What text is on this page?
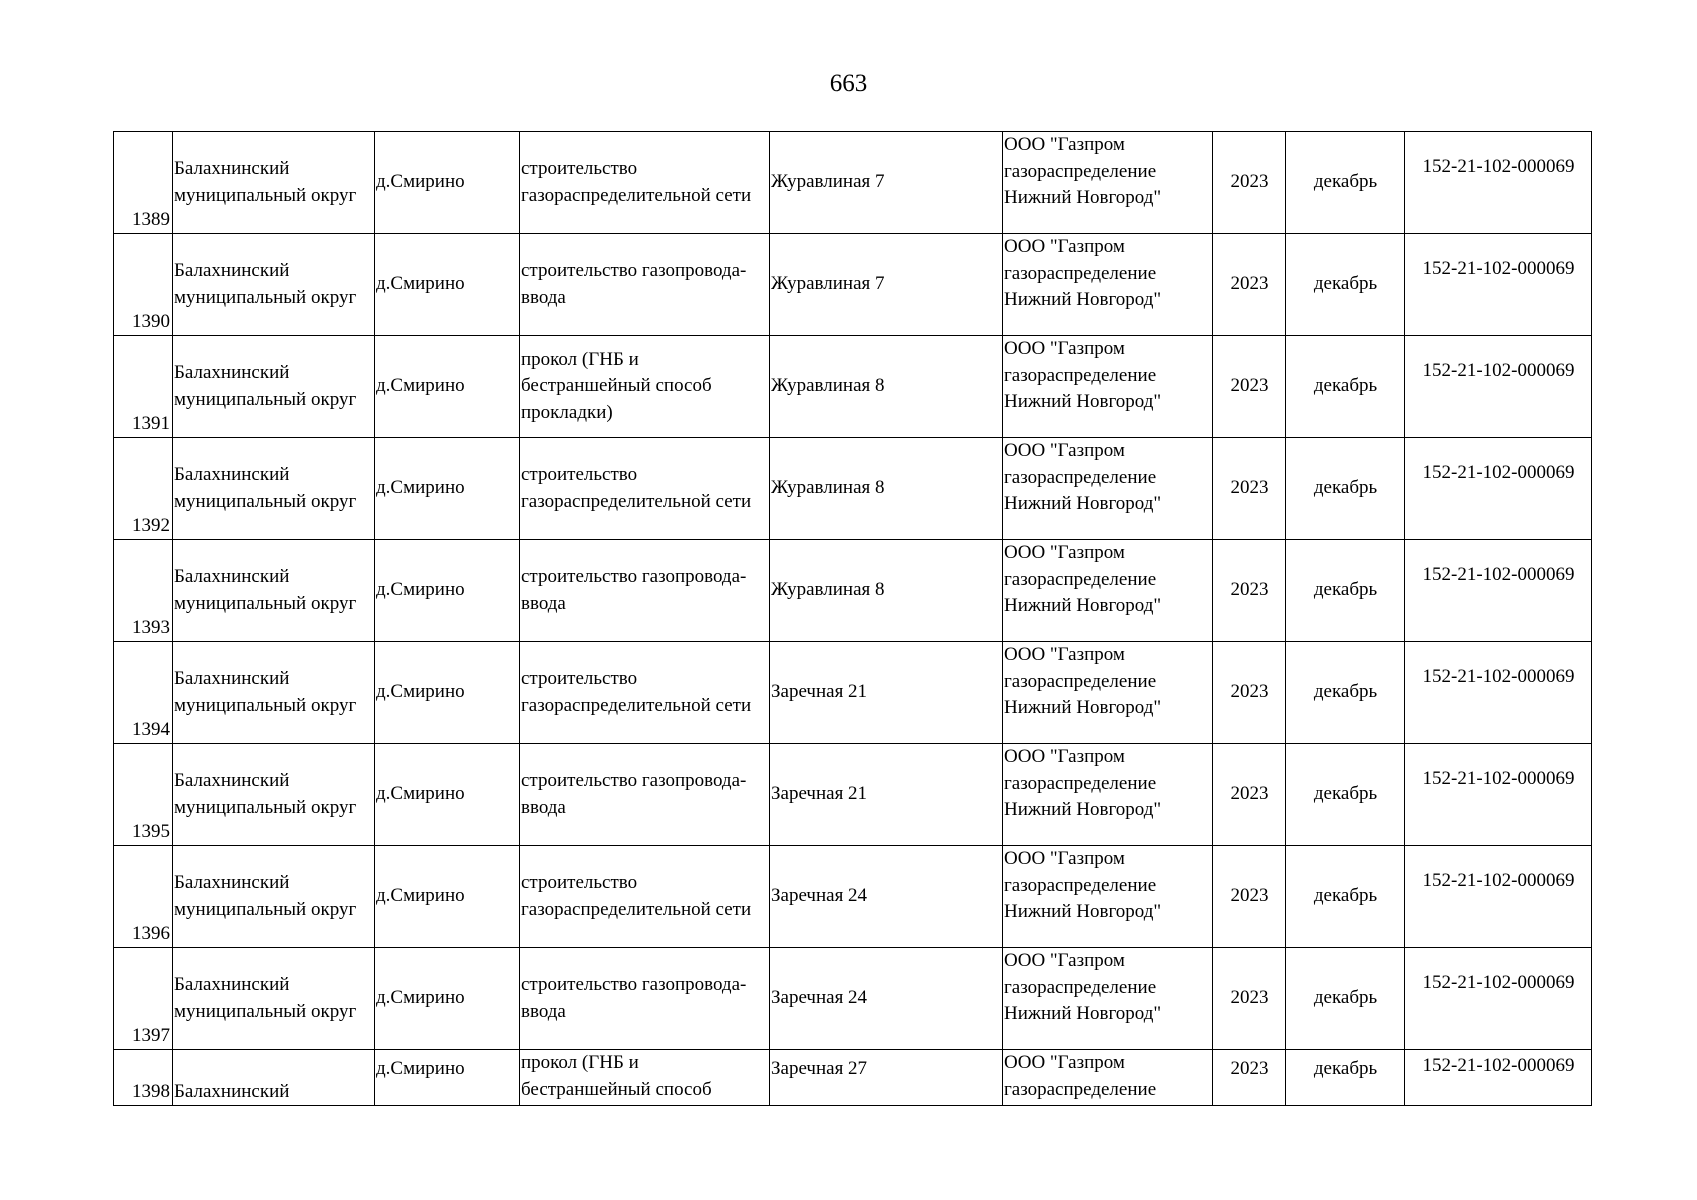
663
1389	Балахнинский
муниципальный округ	д.Смирино	строительство
газораспределительной сети	Журавлиная 7	ООО "Газпром
газораспределение
Нижний Новгород"	2023	декабрь	152-21-102-000069
1390	Балахнинский
муниципальный округ	д.Смирино	строительство газопровода-
ввода	Журавлиная 7	ООО "Газпром
газораспределение
Нижний Новгород"	2023	декабрь	152-21-102-000069
1391	Балахнинский
муниципальный округ	д.Смирино	прокол (ГНБ и
бестраншейный способ
прокладки)	Журавлиная 8	ООО "Газпром
газораспределение
Нижний Новгород"	2023	декабрь	152-21-102-000069
1392	Балахнинский
муниципальный округ	д.Смирино	строительство
газораспределительной сети	Журавлиная 8	ООО "Газпром
газораспределение
Нижний Новгород"	2023	декабрь	152-21-102-000069
1393	Балахнинский
муниципальный округ	д.Смирино	строительство газопровода-
ввода	Журавлиная 8	ООО "Газпром
газораспределение
Нижний Новгород"	2023	декабрь	152-21-102-000069
1394	Балахнинский
муниципальный округ	д.Смирино	строительство
газораспределительной сети	Заречная 21	ООО "Газпром
газораспределение
Нижний Новгород"	2023	декабрь	152-21-102-000069
1395	Балахнинский
муниципальный округ	д.Смирино	строительство газопровода-
ввода	Заречная 21	ООО "Газпром
газораспределение
Нижний Новгород"	2023	декабрь	152-21-102-000069
1396	Балахнинский
муниципальный округ	д.Смирино	строительство
газораспределительной сети	Заречная 24	ООО "Газпром
газораспределение
Нижний Новгород"	2023	декабрь	152-21-102-000069
1397	Балахнинский
муниципальный округ	д.Смирино	строительство газопровода-
ввода	Заречная 24	ООО "Газпром
газораспределение
Нижний Новгород"	2023	декабрь	152-21-102-000069
1398	Балахнинский	д.Смирино	прокол (ГНБ и
бестраншейный способ	Заречная 27	ООО "Газпром
газораспределение	2023	декабрь	152-21-102-000069
